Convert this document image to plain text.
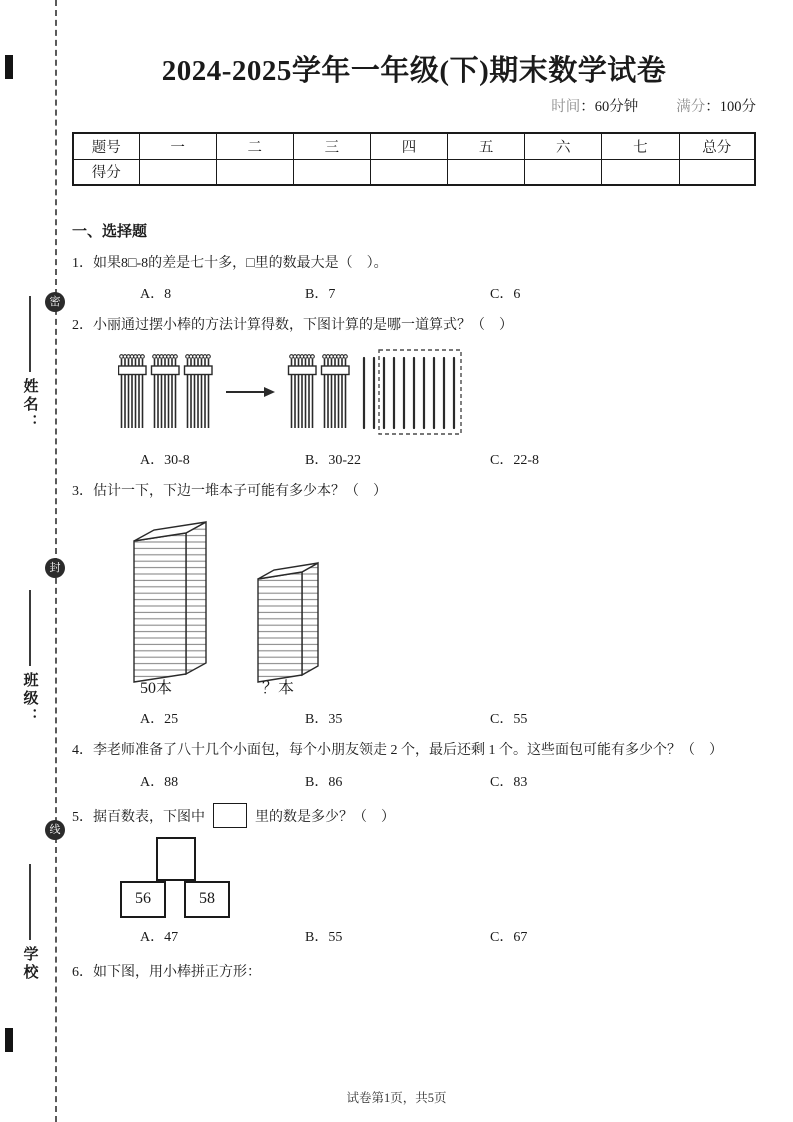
密
封
线
姓名：
班级：
学校
2024-2025学年一年级(下)期末数学试卷
时间：60分钟	满分：100分
题号	一	二	三	四	五	六	七	总分
得分								
一、选择题

1．如果8□-8的差是七十多，□里的数最大是（　）。

A．8	B．7	C．6

2．小丽通过摆小棒的方法计算得数，下图计算的是哪一道算式？（　）

A．30-8	B．30-22	C．22-8

3．估计一下，下边一堆本子可能有多少本？（　）

50本	？本
A．25	B．35	C．55

4．李老师准备了八十几个小面包，每个小朋友领走 2 个，最后还剩 1 个。这些面包可能有多少个？（　）

A．88	B．86	C．83

5．据百数表，下图中	里的数是多少？（　）

56	58
A．47	B．55	C．67

6．如下图，用小棒拼正方形：

试卷第1页，共5页
